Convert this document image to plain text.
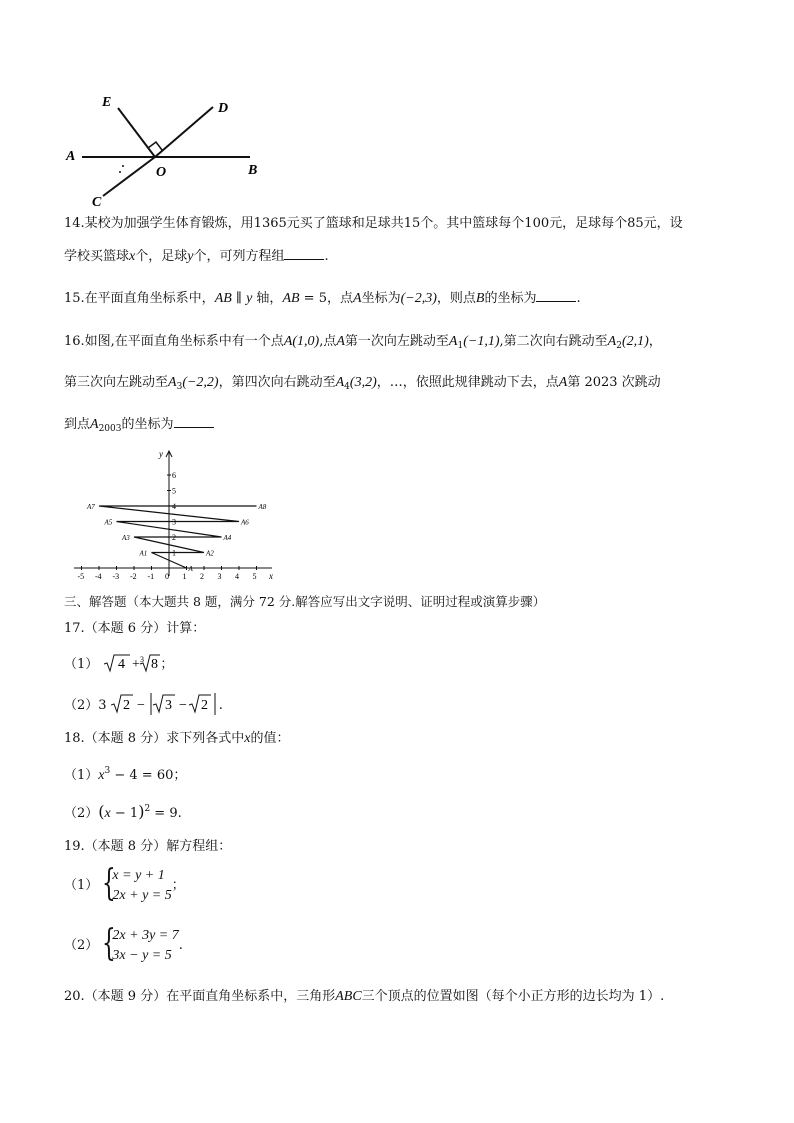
E	D
A
O	B
C
14.某校为加强学生体育锻炼，用1365元买了篮球和足球共15个。其中篮球每个100元，足球每个85元，设
学校买篮球x个，足球y个，可列方程组	.
15.在平面直角坐标系中，AB ∥ y 轴，AB = 5，点A坐标为(−2,3)，则点B的坐标为	.
16.如图,在平面直角坐标系中有一个点A(1,0),点A第一次向左跳动至$A_1(-1,1)$,第二次向右跳动至$A_2(2,1)$，
第三次向左跳动至$A_3(-2,2)$，第四次向右跳动至$A_4(3,2)$，…，依照此规律跳动下去，点A第 2023 次跳动
到点$A_{2003}$的坐标为
x
y
-5 -4 -3 -2 -1 0 1 2 3 4 5
1
2
3
4
5
6
A
A1	A2
A3	A4
A5	A6
A7	A8
三、解答题（本大题共 8 题，满分 72 分.解答应写出文字说明、证明过程或演算步骤）
17.（本题 6 分）计算：
（1） 4 + 3 8 ；
（2）3 2 − 3 − 2 .
18.（本题 8 分）求下列各式中x的值：
$(1)x^3 - 4 = 60$；
$(2)(x - 1)^2 = 9$.
19.（本题 8 分）解方程组：
（1） {
x = y + 1
2x + y = 5
；
（2） {
2x + 3y = 7
3x − y = 5
.
20.（本题 9 分）在平面直角坐标系中，三角形ABC三个顶点的位置如图（每个小正方形的边长均为 1）.
